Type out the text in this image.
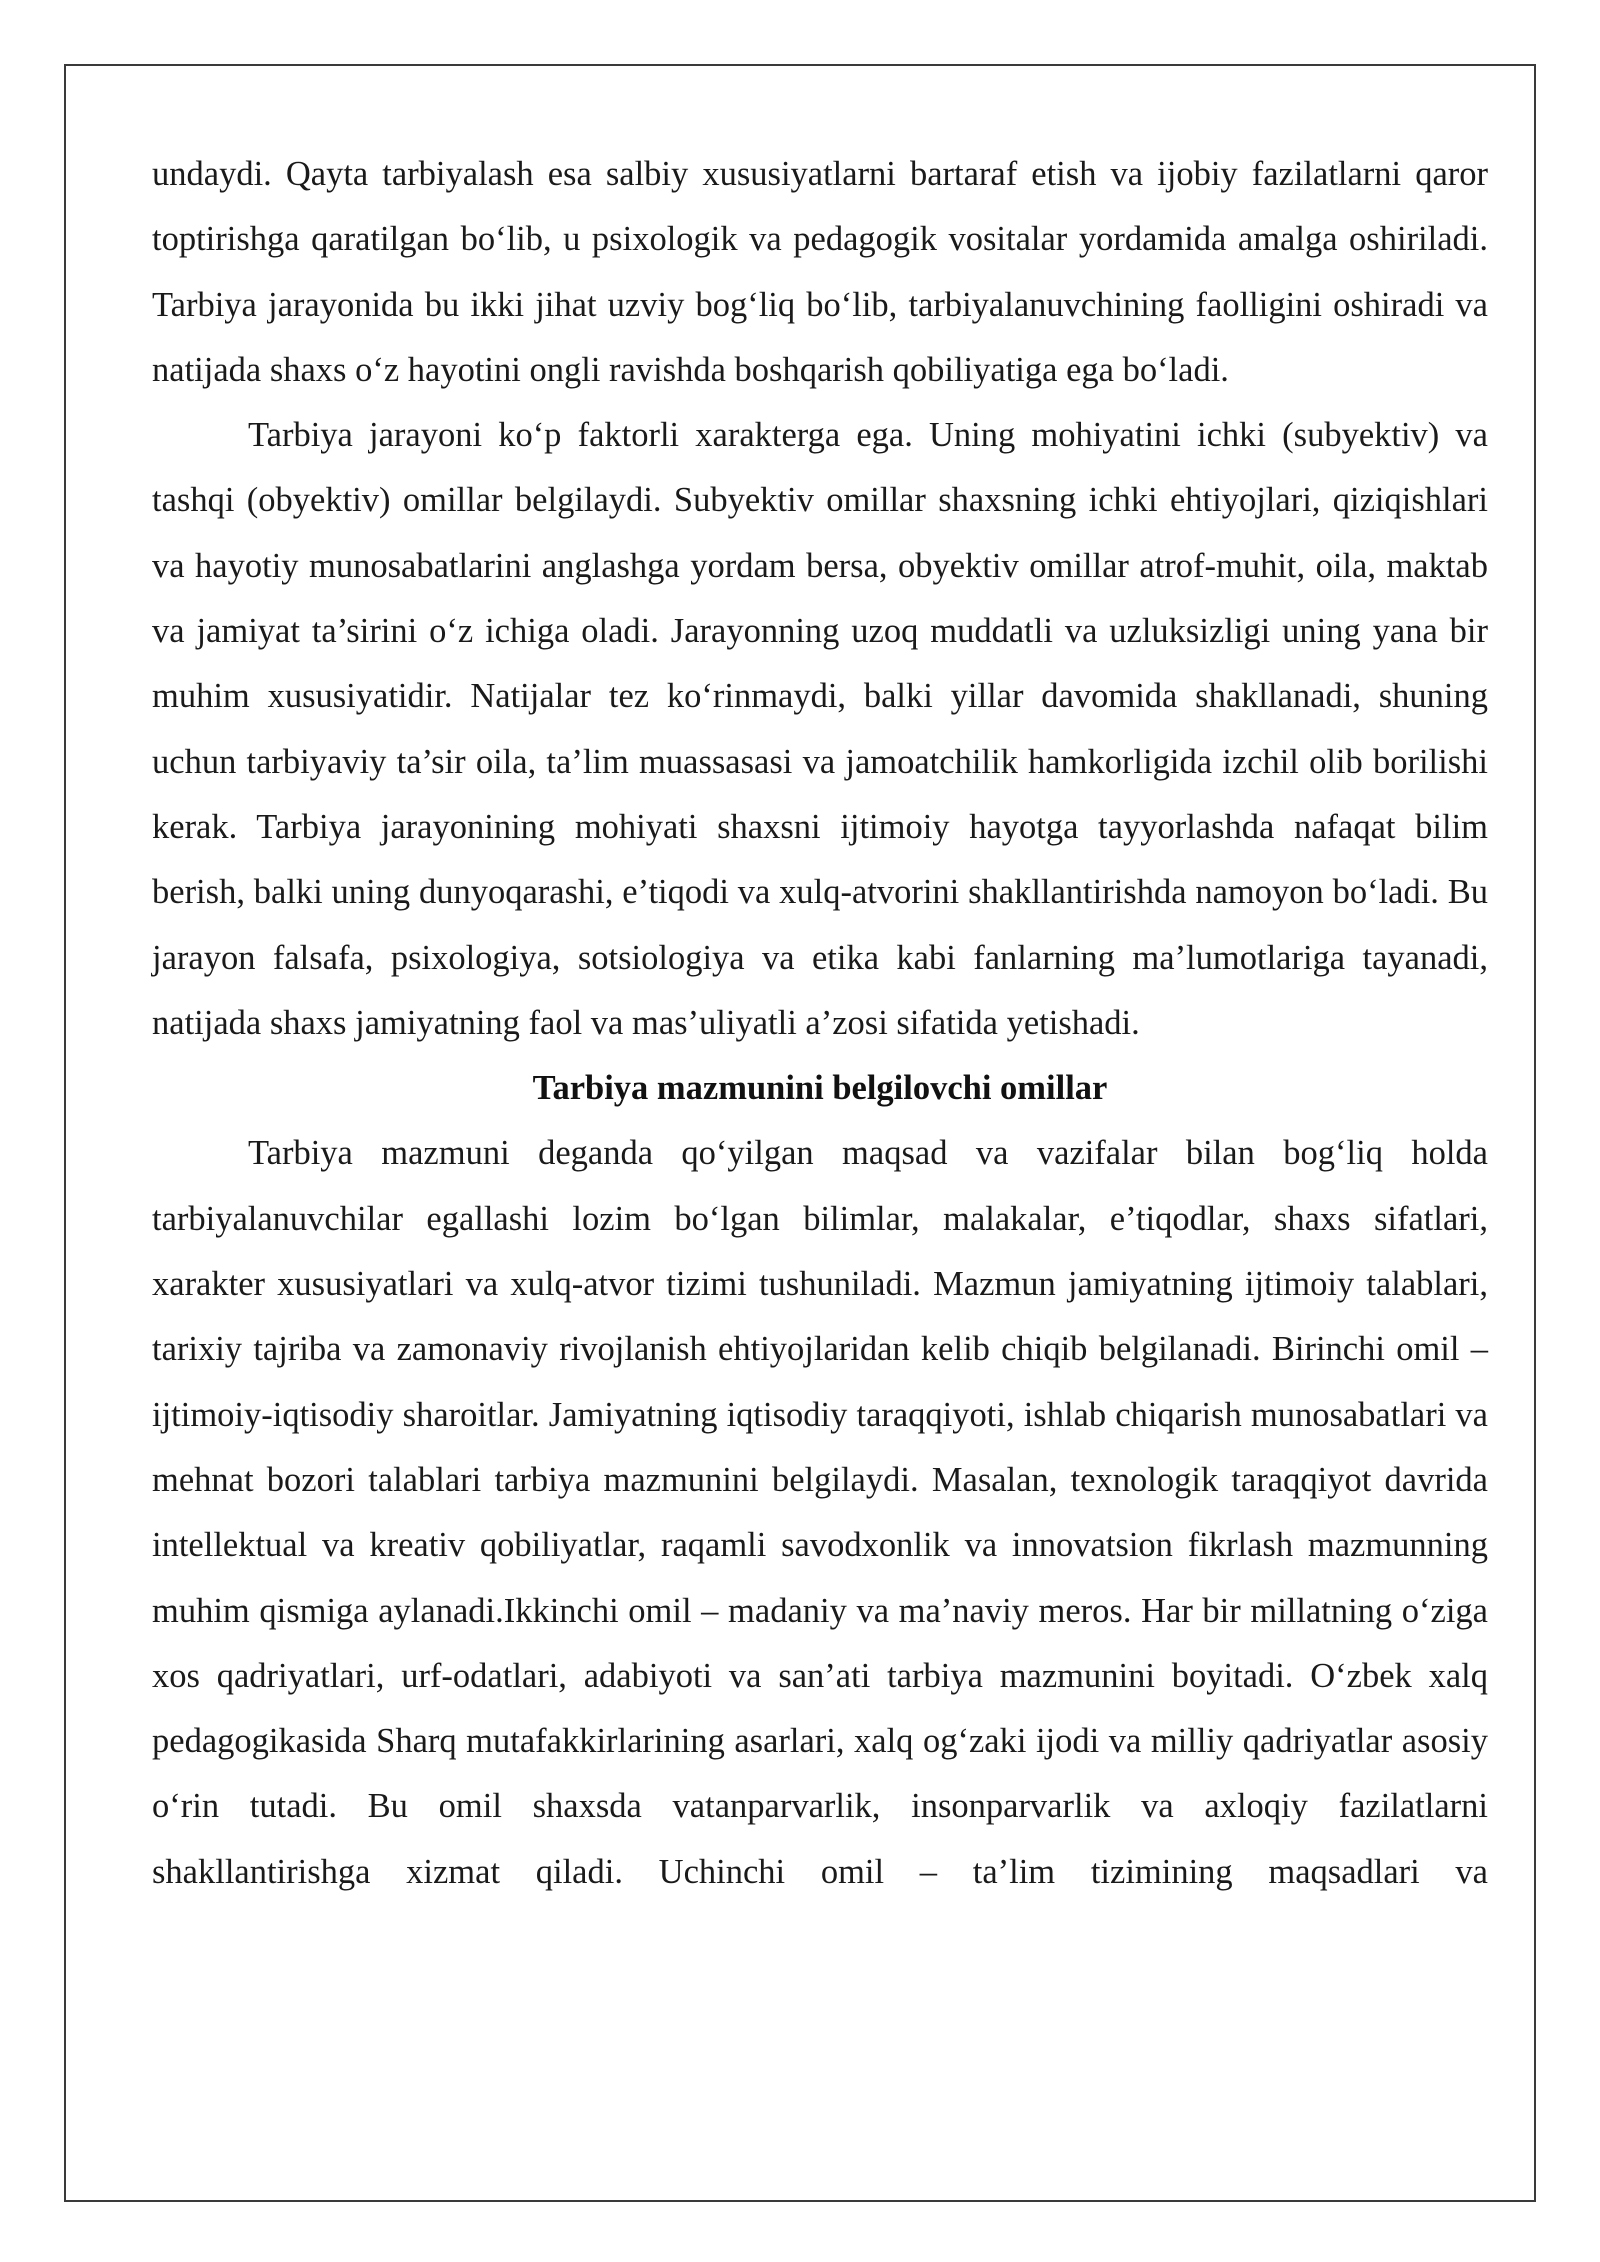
undaydi. Qayta tarbiyalash esa salbiy xususiyatlarni bartaraf etish va ijobiy fazilatlarni qaror toptirishga qaratilgan bo‘lib, u psixologik va pedagogik vositalar yordamida amalga oshiriladi. Tarbiya jarayonida bu ikki jihat uzviy bog‘liq bo‘lib, tarbiyalanuvchining faolligini oshiradi va natijada shaxs o‘z hayotini ongli ravishda boshqarish qobiliyatiga ega bo‘ladi.

Tarbiya jarayoni ko‘p faktorli xarakterga ega. Uning mohiyatini ichki (subyektiv) va tashqi (obyektiv) omillar belgilaydi. Subyektiv omillar shaxsning ichki ehtiyojlari, qiziqishlari va hayotiy munosabatlarini anglashga yordam bersa, obyektiv omillar atrof-muhit, oila, maktab va jamiyat ta’sirini o‘z ichiga oladi. Jarayonning uzoq muddatli va uzluksizligi uning yana bir muhim xususiyatidir. Natijalar tez ko‘rinmaydi, balki yillar davomida shakllanadi, shuning uchun tarbiyaviy ta’sir oila, ta’lim muassasasi va jamoatchilik hamkorligida izchil olib borilishi kerak. Tarbiya jarayonining mohiyati shaxsni ijtimoiy hayotga tayyorlashda nafaqat bilim berish, balki uning dunyoqarashi, e’tiqodi va xulq-atvorini shakllantirishda namoyon bo‘ladi. Bu jarayon falsafa, psixologiya, sotsiologiya va etika kabi fanlarning ma’lumotlariga tayanadi, natijada shaxs jamiyatning faol va mas’uliyatli a’zosi sifatida yetishadi.

Tarbiya mazmunini belgilovchi omillar

Tarbiya mazmuni deganda qo‘yilgan maqsad va vazifalar bilan bog‘liq holda tarbiyalanuvchilar egallashi lozim bo‘lgan bilimlar, malakalar, e’tiqodlar, shaxs sifatlari, xarakter xususiyatlari va xulq-atvor tizimi tushuniladi. Mazmun jamiyatning ijtimoiy talablari, tarixiy tajriba va zamonaviy rivojlanish ehtiyojlaridan kelib chiqib belgilanadi. Birinchi omil – ijtimoiy-iqtisodiy sharoitlar. Jamiyatning iqtisodiy taraqqiyoti, ishlab chiqarish munosabatlari va mehnat bozori talablari tarbiya mazmunini belgilaydi. Masalan, texnologik taraqqiyot davrida intellektual va kreativ qobiliyatlar, raqamli savodxonlik va innovatsion fikrlash mazmunning muhim qismiga aylanadi.Ikkinchi omil – madaniy va ma’naviy meros. Har bir millatning o‘ziga xos qadriyatlari, urf-odatlari, adabiyoti va san’ati tarbiya mazmunini boyitadi. O‘zbek xalq pedagogikasida Sharq mutafakkirlarining asarlari, xalq og‘zaki ijodi va milliy qadriyatlar asosiy o‘rin tutadi. Bu omil shaxsda vatanparvarlik, insonparvarlik va axloqiy fazilatlarni shakllantirishga xizmat qiladi. Uchinchi omil – ta’lim tizimining maqsadlari va
